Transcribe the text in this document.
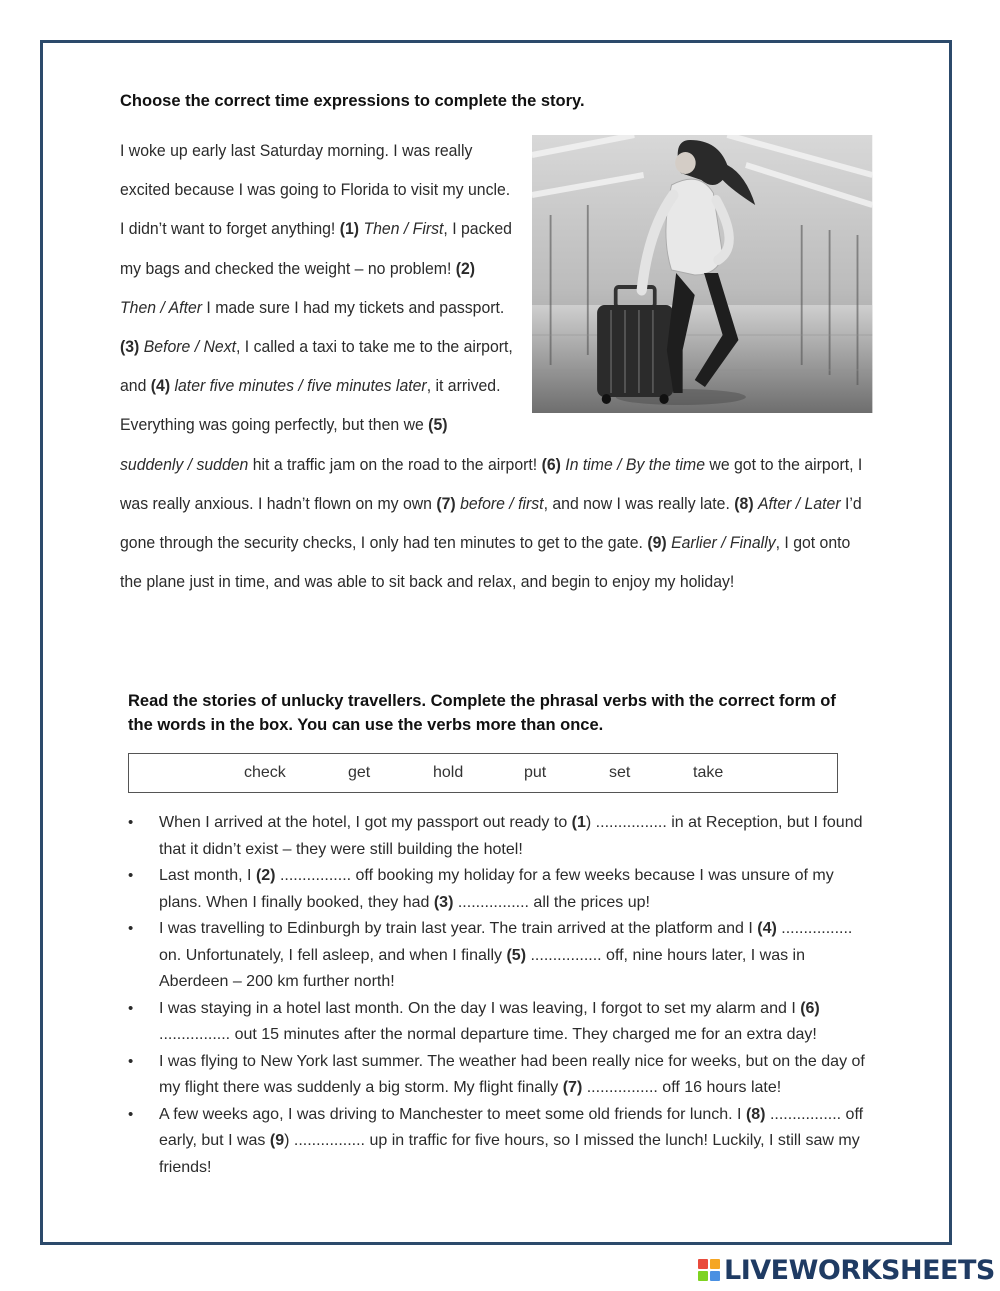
Choose the correct time expressions to complete the story.
I woke up early last Saturday morning. I was really excited because I was going to Florida to visit my uncle. I didn’t want to forget anything! (1) Then / First, I packed my bags and checked the weight – no problem! (2) Then / After I made sure I had my tickets and passport. (3) Before / Next, I called a taxi to take me to the airport, and (4) later five minutes / five minutes later, it arrived. Everything was going perfectly, but then we (5) suddenly / sudden hit a traffic jam on the road to the airport! (6) In time / By the time we got to the airport, I was really anxious. I hadn’t flown on my own (7) before / first, and now I was really late. (8) After / Later I’d gone through the security checks, I only had ten minutes to get to the gate. (9) Earlier / Finally, I got onto the plane just in time, and was able to sit back and relax, and begin to enjoy my holiday!
Read the stories of unlucky travellers. Complete the phrasal verbs with the correct form of
the words in the box. You can use the verbs more than once.
check	get	hold	put	set	take
• When I arrived at the hotel, I got my passport out ready to (1) ................ in at Reception, but I found that it didn’t exist – they were still building the hotel!
• Last month, I (2) ................ off booking my holiday for a few weeks because I was unsure of my plans. When I finally booked, they had (3) ................ all the prices up!
• I was travelling to Edinburgh by train last year. The train arrived at the platform and I (4) ................ on. Unfortunately, I fell asleep, and when I finally (5) ................ off, nine hours later, I was in Aberdeen – 200 km further north!
• I was staying in a hotel last month. On the day I was leaving, I forgot to set my alarm and I (6) ................ out 15 minutes after the normal departure time. They charged me for an extra day!
• I was flying to New York last summer. The weather had been really nice for weeks, but on the day of my flight there was suddenly a big storm. My flight finally (7) ................ off 16 hours late!
• A few weeks ago, I was driving to Manchester to meet some old friends for lunch. I (8) ................ off early, but I was (9) ................ up in traffic for five hours, so I missed the lunch! Luckily, I still saw my friends!
LIVEWORKSHEETS
